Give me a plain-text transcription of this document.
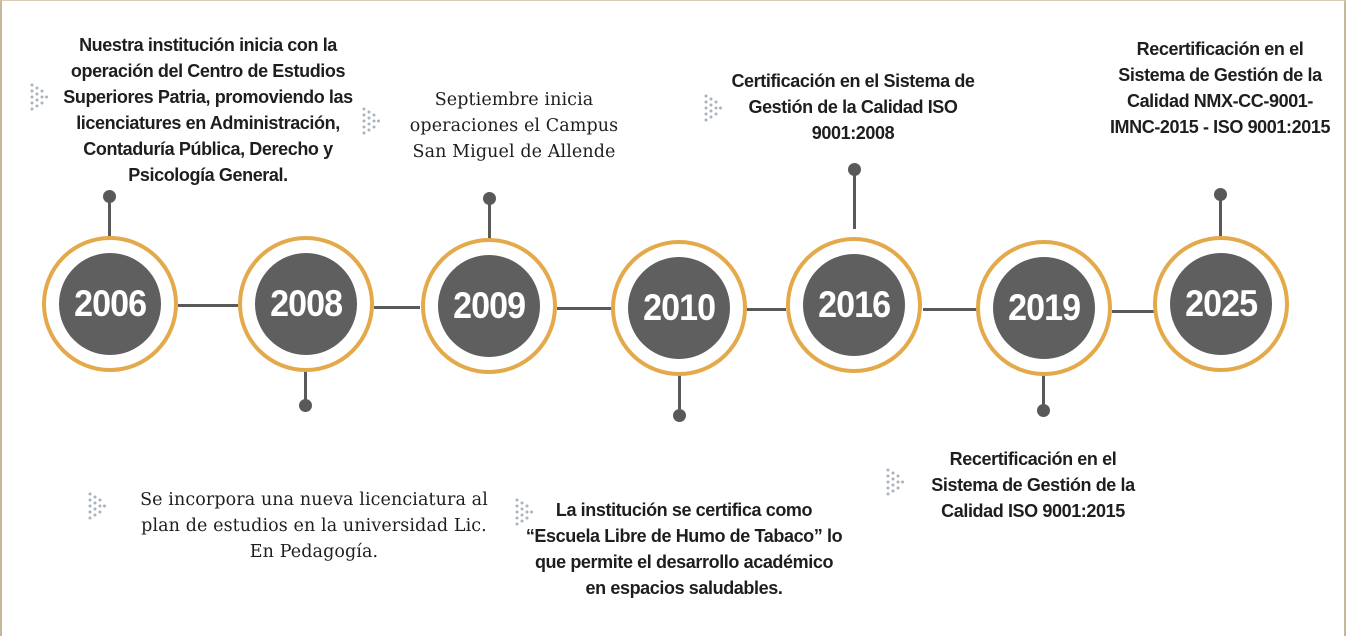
2006	2008	2009	2010	2016	2019	2025
Nuestra institución inicia con la operación del Centro de Estudios Superiores Patria, promoviendo las licenciatures en Administración, Contaduría Pública, Derecho y Psicología General.
Se incorpora una nueva licenciatura al plan de estudios en la universidad Lic. En Pedagogía.
Septiembre inicia operaciones el Campus San Miguel de Allende
La institución se certifica como “Escuela Libre de Humo de Tabaco” lo que permite el desarrollo académico en espacios saludables.
Certificación en el Sistema de Gestión de la Calidad ISO 9001:2008
Recertificación en el Sistema de Gestión de la Calidad ISO 9001:2015
Recertificación en el Sistema de Gestión de la Calidad NMX-CC-9001-IMNC-2015 - ISO 9001:2015
